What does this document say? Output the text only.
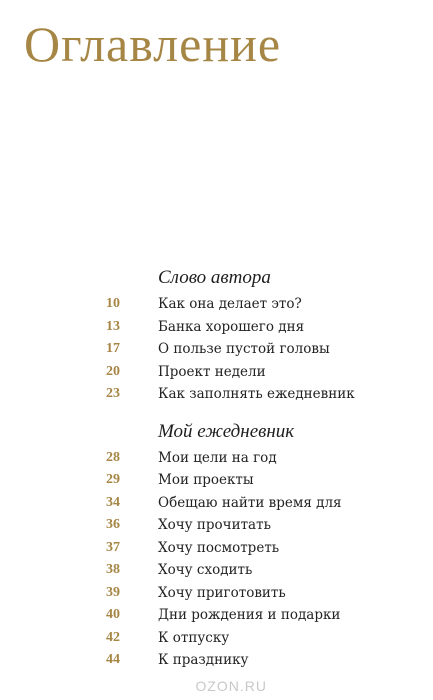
Оглавление
Слово автора
10	Как она делает это?
13	Банка хорошего дня
17	О пользе пустой головы
20	Проект недели
23	Как заполнять ежедневник
Мой ежедневник
28	Мои цели на год
29	Мои проекты
34	Обещаю найти время для
36	Хочу прочитать
37	Хочу посмотреть
38	Хочу сходить
39	Хочу приготовить
40	Дни рождения и подарки
42	К отпуску
44	К празднику
OZON.RU
